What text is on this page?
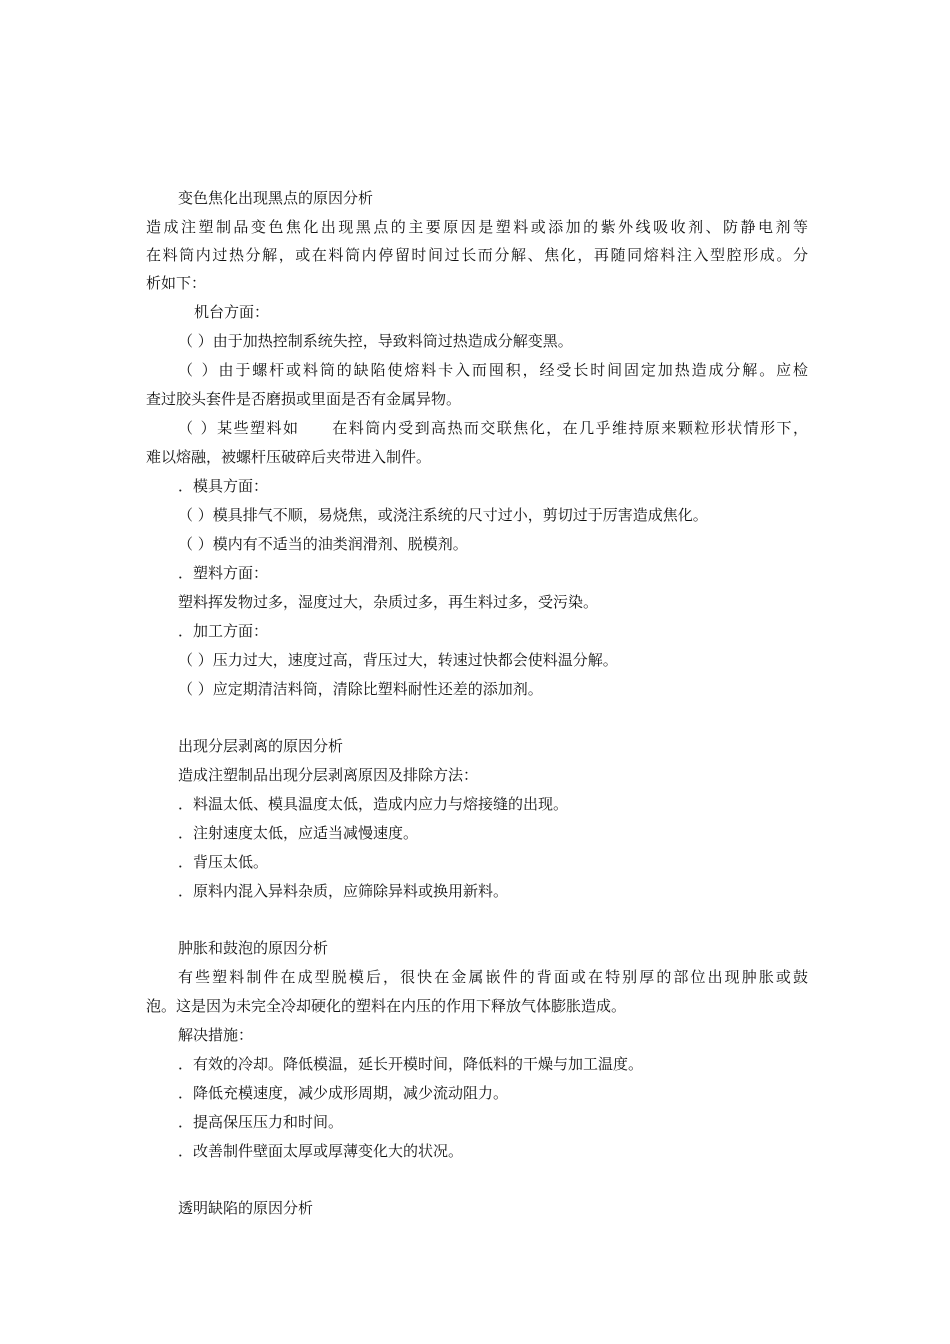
变色焦化出现黑点的原因分析
造成注塑制品变色焦化出现黑点的主要原因是塑料或添加的紫外线吸收剂、防静电剂等
在料筒内过热分解，或在料筒内停留时间过长而分解、焦化，再随同熔料注入型腔形成。分
析如下：
机台方面：
（ ）由于加热控制系统失控，导致料筒过热造成分解变黑。
（ ）由于螺杆或料筒的缺陷使熔料卡入而囤积，经受长时间固定加热造成分解。应检
查过胶头套件是否磨损或里面是否有金属异物。
（ ）某些塑料如　　在料筒内受到高热而交联焦化，在几乎维持原来颗粒形状情形下，
难以熔融，被螺杆压破碎后夹带进入制件。
．模具方面：
（ ）模具排气不顺，易烧焦，或浇注系统的尺寸过小，剪切过于厉害造成焦化。
（ ）模内有不适当的油类润滑剂、脱模剂。
．塑料方面：
塑料挥发物过多，湿度过大，杂质过多，再生料过多，受污染。
．加工方面：
（ ）压力过大，速度过高，背压过大，转速过快都会使料温分解。
（ ）应定期清洁料筒，清除比塑料耐性还差的添加剂。
出现分层剥离的原因分析
造成注塑制品出现分层剥离原因及排除方法：
．料温太低、模具温度太低，造成内应力与熔接缝的出现。
．注射速度太低，应适当减慢速度。
．背压太低。
．原料内混入异料杂质，应筛除异料或换用新料。
肿胀和鼓泡的原因分析
有些塑料制件在成型脱模后，很快在金属嵌件的背面或在特别厚的部位出现肿胀或鼓
泡。这是因为未完全冷却硬化的塑料在内压的作用下释放气体膨胀造成。
解决措施：
．有效的冷却。降低模温，延长开模时间，降低料的干燥与加工温度。
．降低充模速度，减少成形周期，减少流动阻力。
．提高保压压力和时间。
．改善制件壁面太厚或厚薄变化大的状况。
透明缺陷的原因分析
